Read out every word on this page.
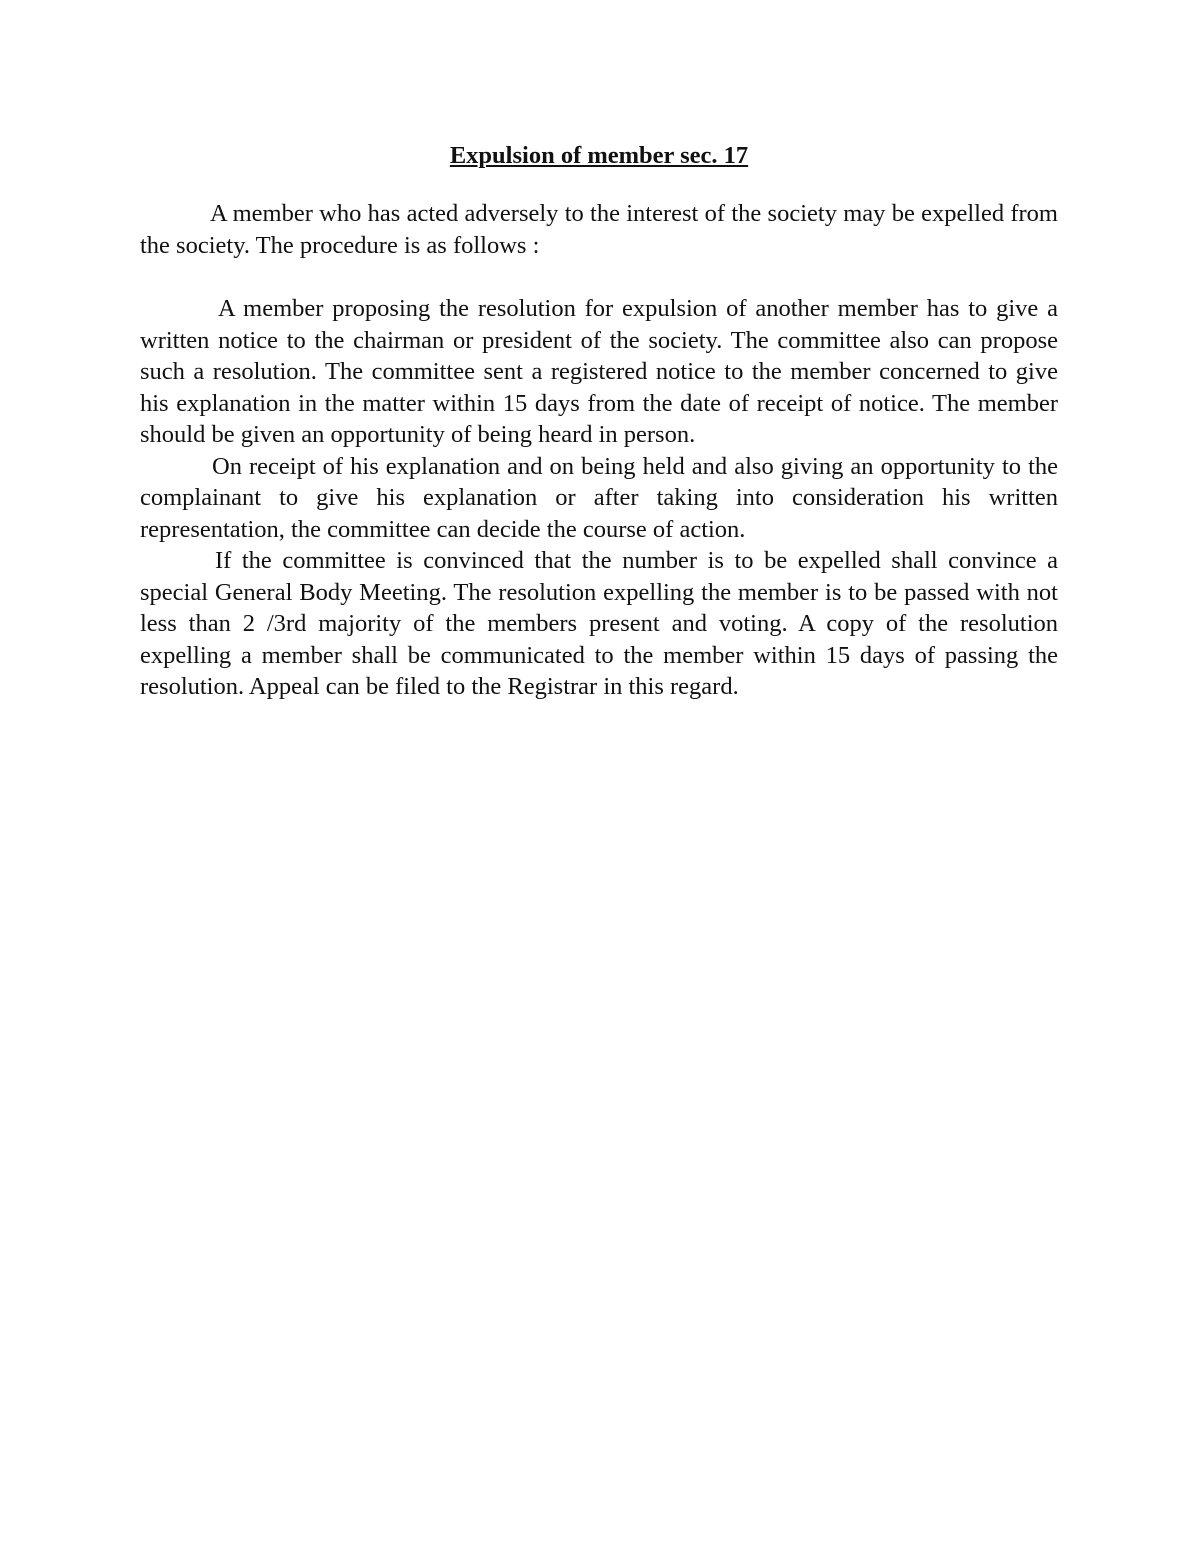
Expulsion of member sec. 17

A member who has acted adversely to the interest of the society may be expelled from the society. The procedure is as follows :

A member proposing the resolution for expulsion of another member has to give a written notice to the chairman or president of the society. The committee also can propose such a resolution. The committee sent a registered notice to the member concerned to give his explanation in the matter within 15 days from the date of receipt of notice. The member should be given an opportunity of being heard in person.

On receipt of his explanation and on being held and also giving an opportunity to the complainant to give his explanation or after taking into consideration his written representation, the committee can decide the course of action.

If the committee is convinced that the number is to be expelled shall convince a special General Body Meeting. The resolution expelling the member is to be passed with not less than 2 /3rd majority of the members present and voting. A copy of the resolution expelling a member shall be communicated to the member within 15 days of passing the resolution. Appeal can be filed to the Registrar in this regard.
